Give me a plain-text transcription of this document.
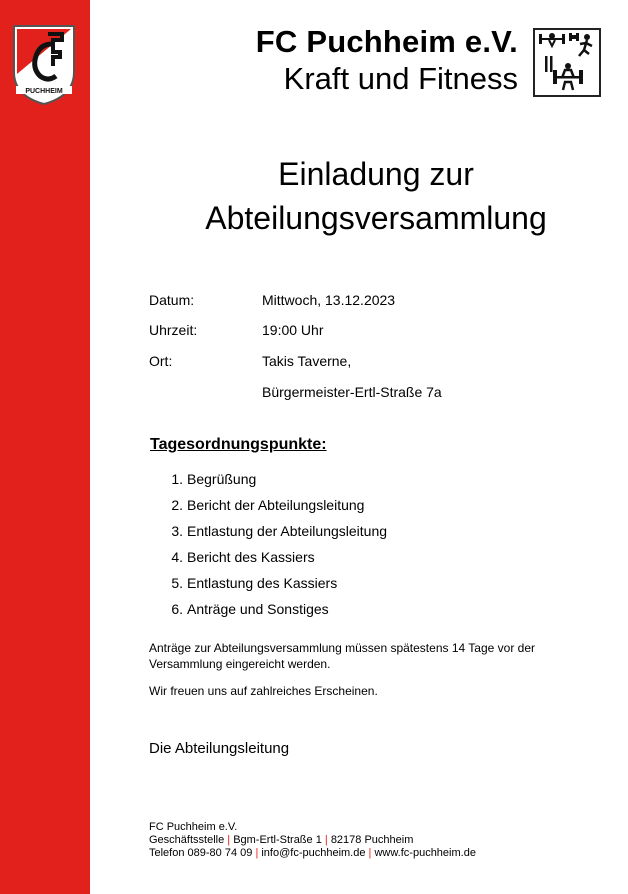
PUCHHEIM
FC Puchheim e.V.
Kraft und Fitness
Einladung zur
Abteilungsversammlung
Datum:	Mittwoch, 13.12.2023
Uhrzeit:	19:00 Uhr
Ort:	Takis Taverne,
Bürgermeister-Ertl-Straße 7a
Tagesordnungspunkte:
1. Begrüßung
2. Bericht der Abteilungsleitung
3. Entlastung der Abteilungsleitung
4. Bericht des Kassiers
5. Entlastung des Kassiers
6. Anträge und Sonstiges
Anträge zur Abteilungsversammlung müssen spätestens 14 Tage vor der
Versammlung eingereicht werden.
Wir freuen uns auf zahlreiches Erscheinen.
Die Abteilungsleitung
FC Puchheim e.V.
Geschäftsstelle | Bgm-Ertl-Straße 1 | 82178 Puchheim
Telefon 089-80 74 09 | info@fc-puchheim.de | www.fc-puchheim.de
